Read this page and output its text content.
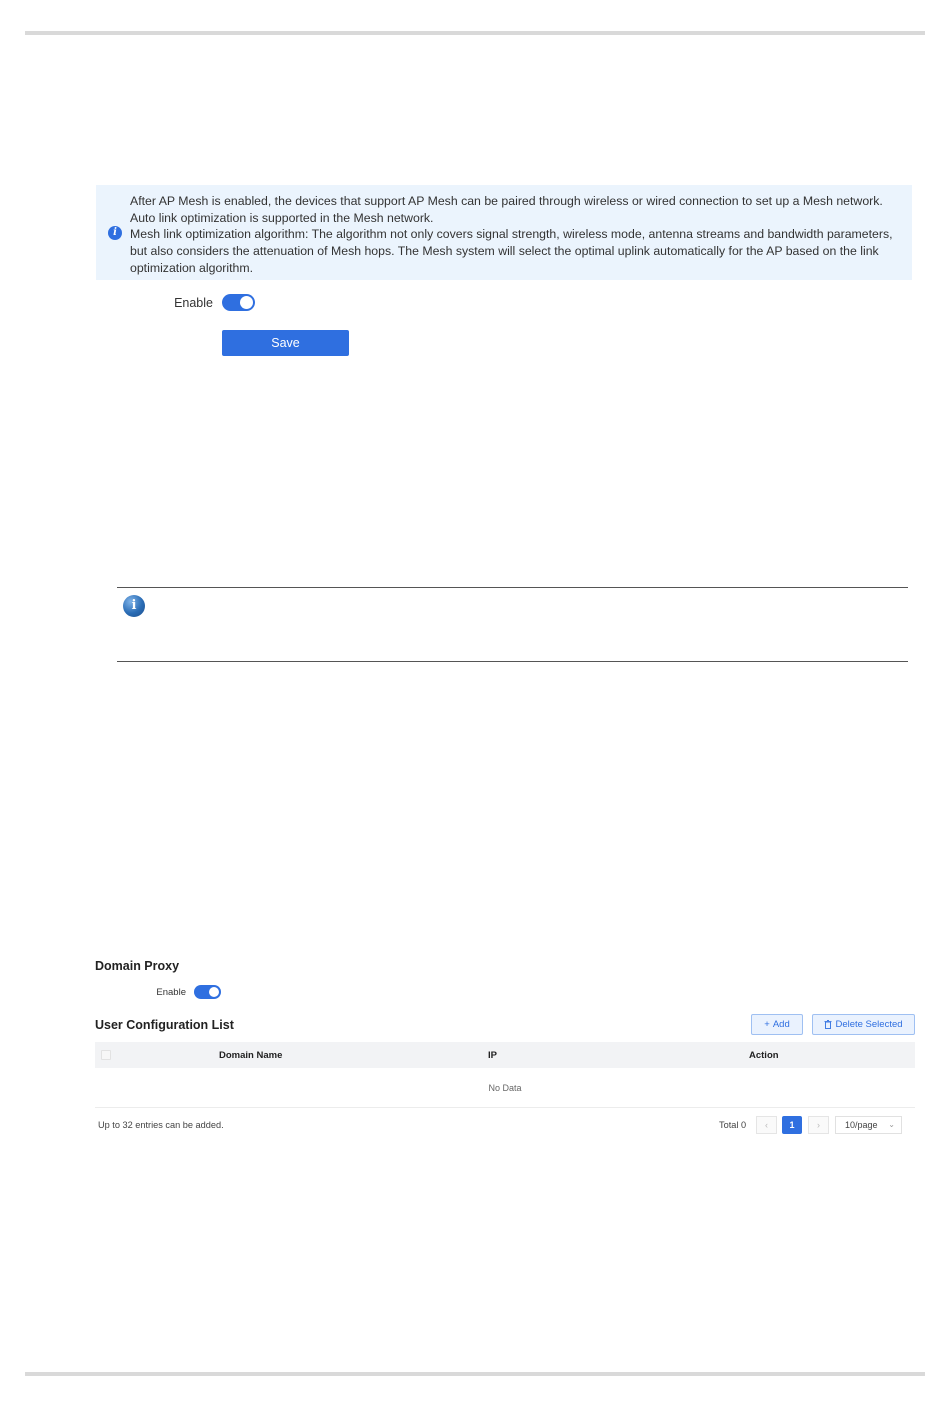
i
After AP Mesh is enabled, the devices that support AP Mesh can be paired through wireless or wired connection to set up a Mesh network.
Auto link optimization is supported in the Mesh network.
Mesh link optimization algorithm: The algorithm not only covers signal strength, wireless mode, antenna streams and bandwidth parameters,
but also considers the attenuation of Mesh hops. The Mesh system will select the optimal uplink automatically for the AP based on the link
optimization algorithm.
Enable
Save
i
Domain Proxy
Enable
User Configuration List	+ Add	Delete Selected
Domain Name	IP	Action
No Data
Up to 32 entries can be added.	Total 0 ‹	1	›	10/page ⌄
